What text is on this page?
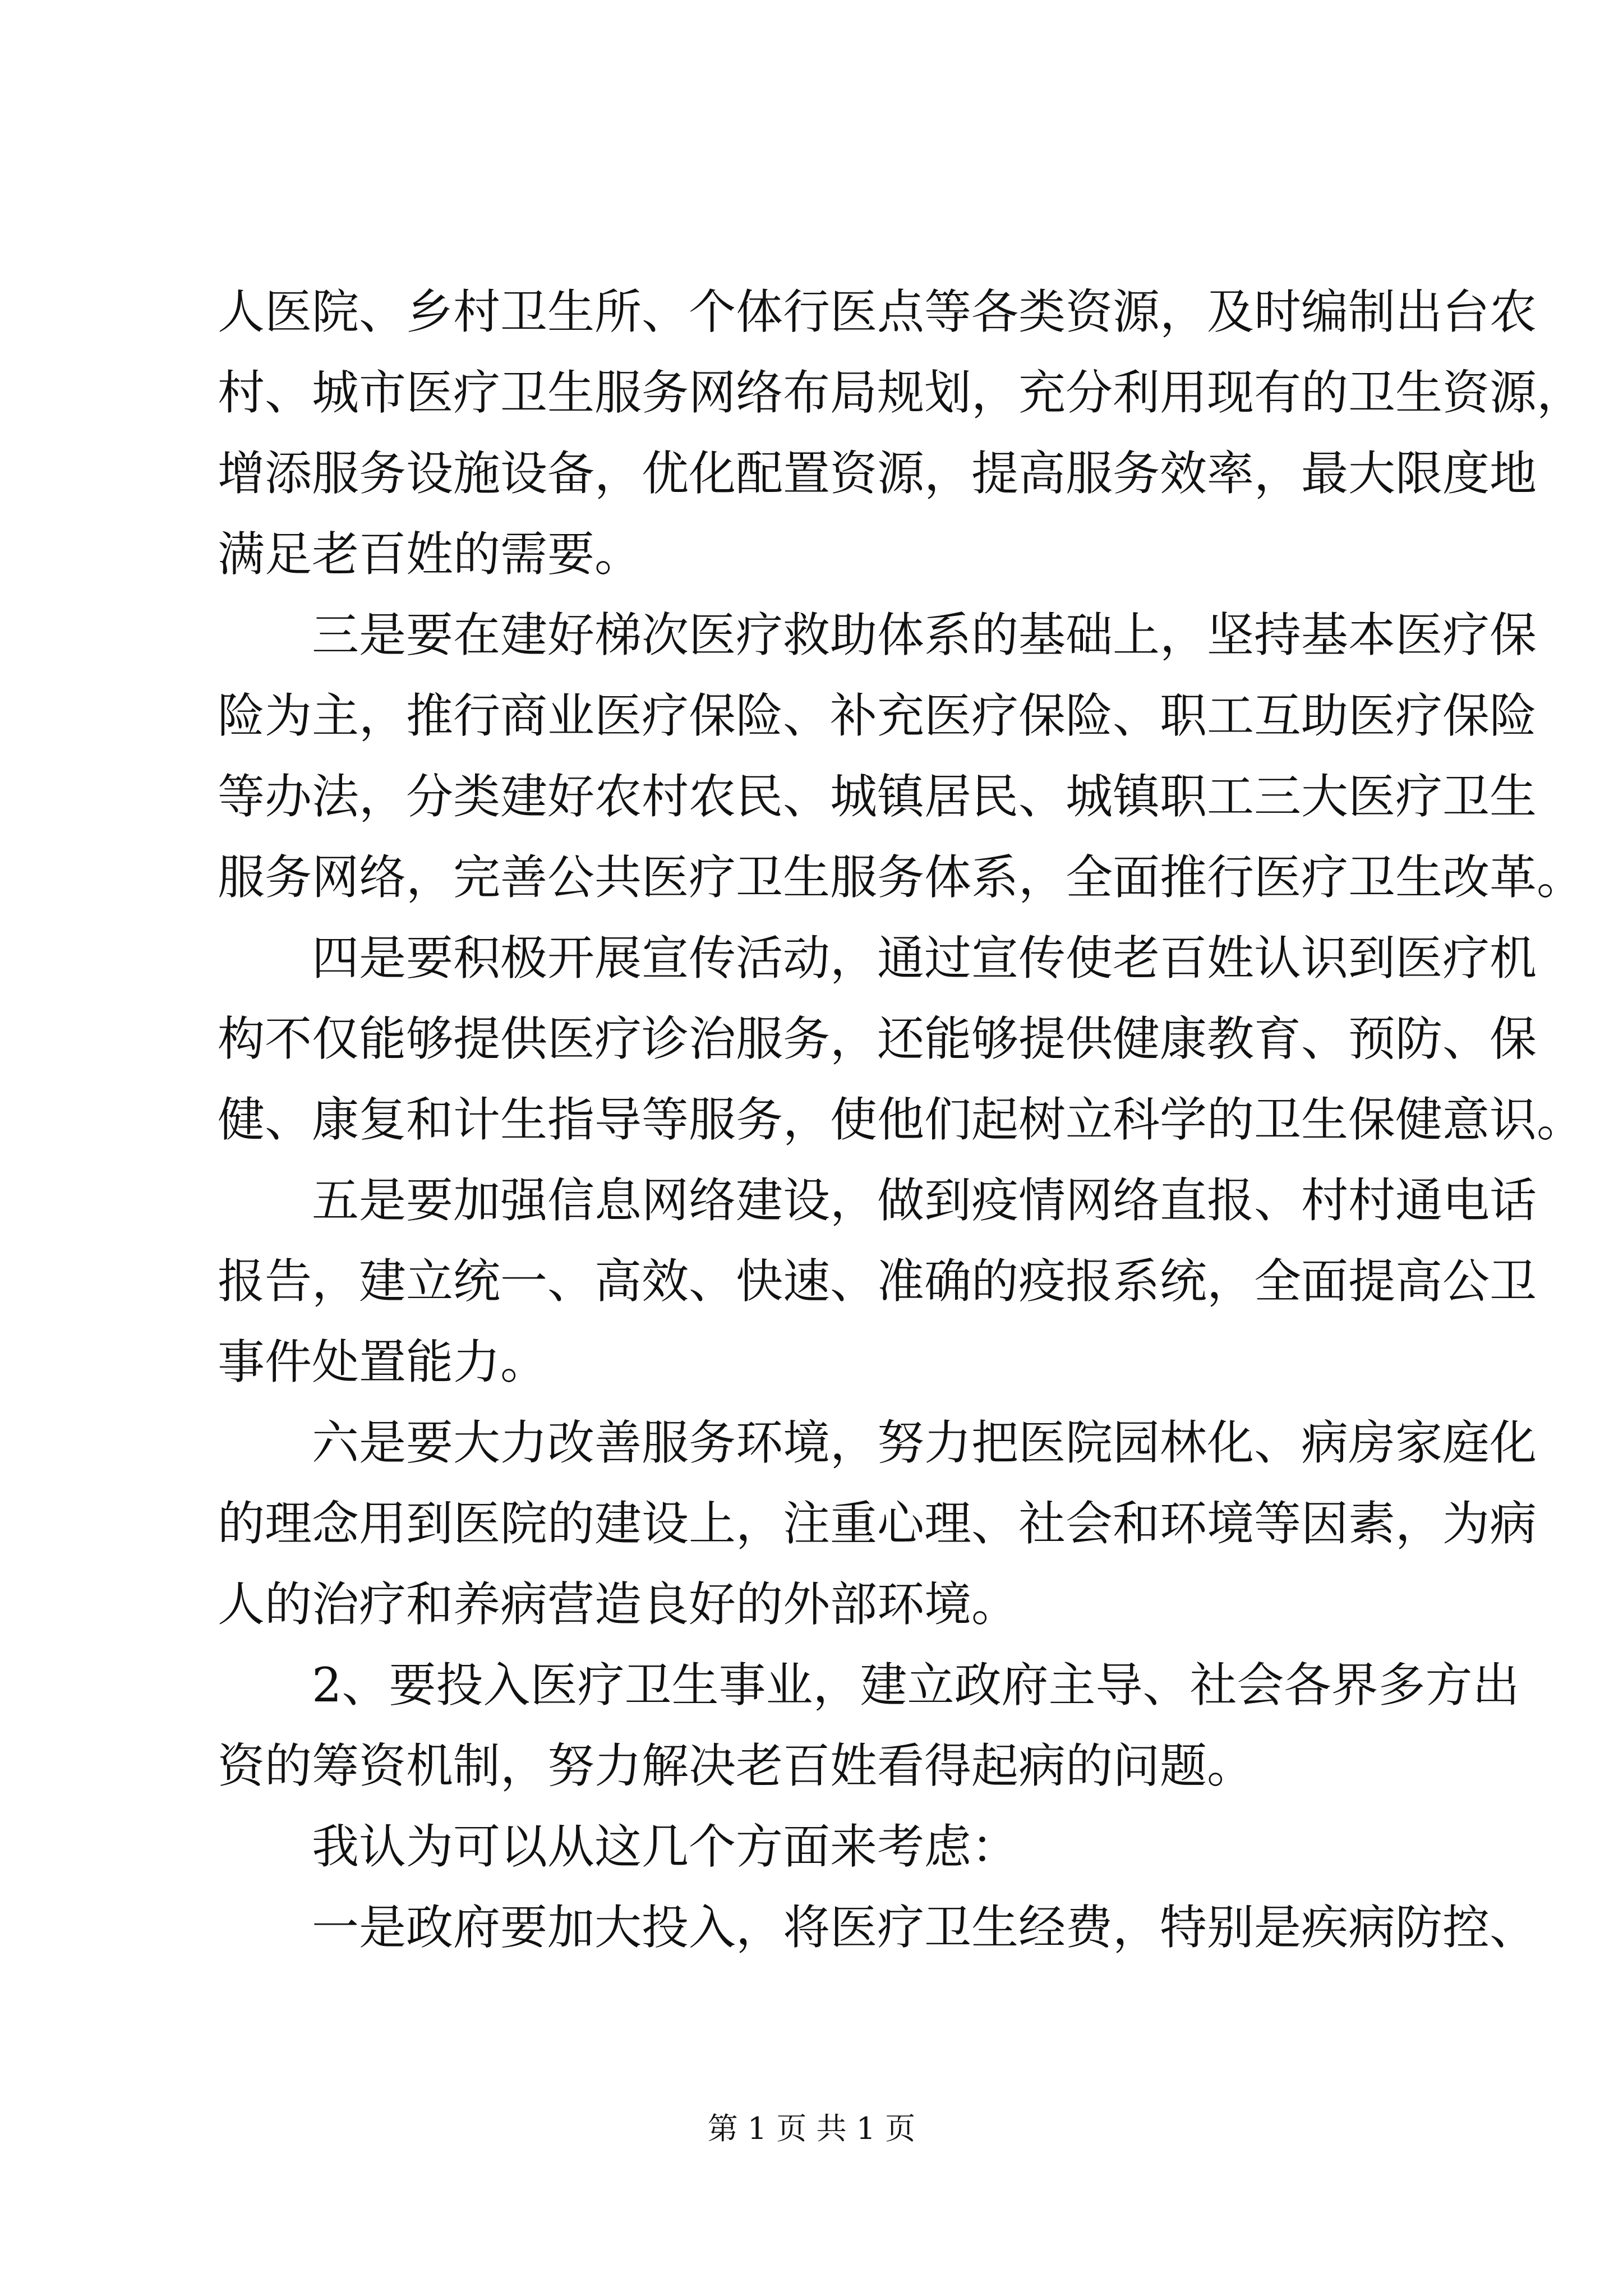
人医院、乡村卫生所、个体行医点等各类资源，及时编制出台农
村、城市医疗卫生服务网络布局规划，充分利用现有的卫生资源，
增添服务设施设备，优化配置资源，提高服务效率，最大限度地
满足老百姓的需要。
　　三是要在建好梯次医疗救助体系的基础上，坚持基本医疗保
险为主，推行商业医疗保险、补充医疗保险、职工互助医疗保险
等办法，分类建好农村农民、城镇居民、城镇职工三大医疗卫生
服务网络，完善公共医疗卫生服务体系，全面推行医疗卫生改革。
　　四是要积极开展宣传活动，通过宣传使老百姓认识到医疗机
构不仅能够提供医疗诊治服务，还能够提供健康教育、预防、保
健、康复和计生指导等服务，使他们起树立科学的卫生保健意识。
　　五是要加强信息网络建设，做到疫情网络直报、村村通电话
报告，建立统一、高效、快速、准确的疫报系统，全面提高公卫
事件处置能力。
　　六是要大力改善服务环境，努力把医院园林化、病房家庭化
的理念用到医院的建设上，注重心理、社会和环境等因素，为病
人的治疗和养病营造良好的外部环境。
　　2、要投入医疗卫生事业，建立政府主导、社会各界多方出
资的筹资机制，努力解决老百姓看得起病的问题。
　　我认为可以从这几个方面来考虑：
　　一是政府要加大投入，将医疗卫生经费，特别是疾病防控、
第 1 页 共 1 页
